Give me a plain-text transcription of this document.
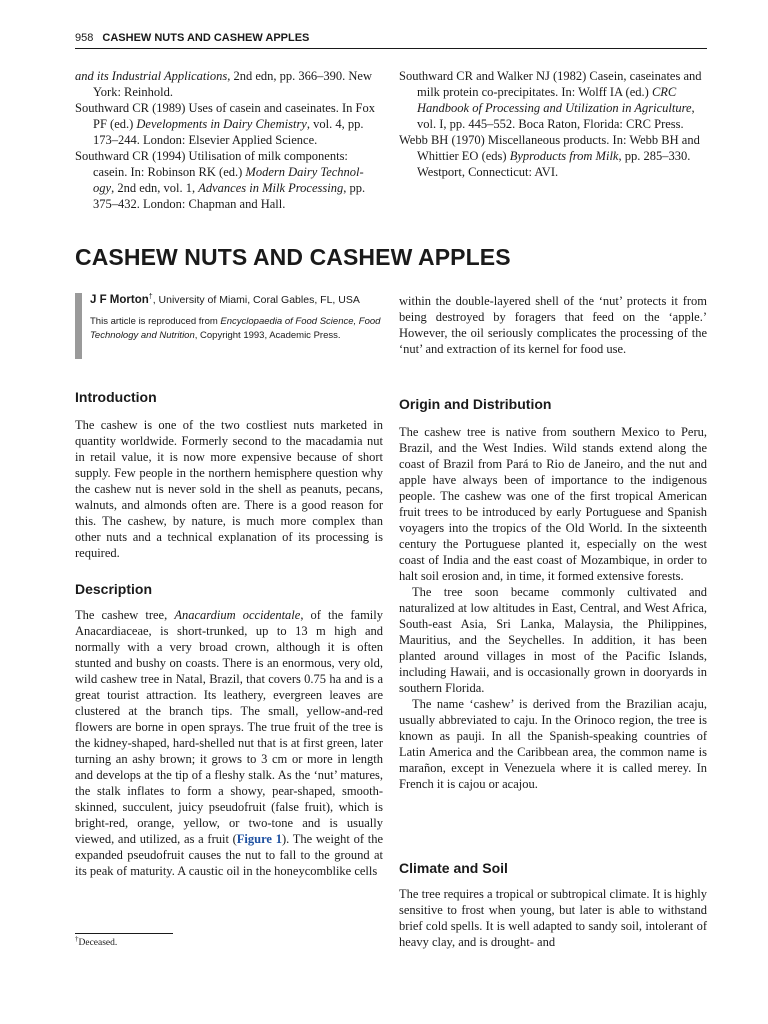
958 CASHEW NUTS AND CASHEW APPLES

and its Industrial Applications, 2nd edn, pp. 366–390. New York: Reinhold.

Southward CR (1989) Uses of casein and caseinates. In Fox PF (ed.) Developments in Dairy Chemistry, vol. 4, pp. 173–244. London: Elsevier Applied Science.

Southward CR (1994) Utilisation of milk components: casein. In: Robinson RK (ed.) Modern Dairy Technol-ogy, 2nd edn, vol. 1, Advances in Milk Processing, pp. 375–432. London: Chapman and Hall.

Southward CR and Walker NJ (1982) Casein, caseinates and milk protein co-precipitates. In: Wolff IA (ed.) CRC Handbook of Processing and Utilization in Agriculture, vol. I, pp. 445–552. Boca Raton, Florida: CRC Press.

Webb BH (1970) Miscellaneous products. In: Webb BH and Whittier EO (eds) Byproducts from Milk, pp. 285–330. Westport, Connecticut: AVI.

CASHEW NUTS AND CASHEW APPLES
J F Morton†, University of Miami, Coral Gables, FL, USA
This article is reproduced from Encyclopaedia of Food Science, Food Technology and Nutrition, Copyright 1993, Academic Press.
Introduction

The cashew is one of the two costliest nuts marketed in quantity worldwide. Formerly second to the macadamia nut in retail value, it is now more expensive because of short supply. Few people in the northern hemisphere question why the cashew nut is never sold in the shell as peanuts, pecans, walnuts, and almonds often are. There is a good reason for this. The cashew, by nature, is much more complex than other nuts and a technical explanation of its processing is required.

Description

The cashew tree, Anacardium occidentale, of the family Anacardiaceae, is short-trunked, up to 13 m high and normally with a very broad crown, although it is often stunted and bushy on coasts. There is an enormous, very old, wild cashew tree in Natal, Brazil, that covers 0.75 ha and is a great tourist attraction. Its leathery, evergreen leaves are clustered at the branch tips. The small, yellow-and-red flowers are borne in open sprays. The true fruit of the tree is the kidney-shaped, hard-shelled nut that is at first green, later turning an ashy brown; it grows to 3 cm or more in length and develops at the tip of a fleshy stalk. As the ‘nut’ matures, the stalk inflates to form a showy, pear-shaped, smooth-skinned, succulent, juicy pseudofruit (false fruit), which is bright-red, orange, yellow, or two-tone and is usually viewed, and utilized, as a fruit (Figure 1). The weight of the expanded pseudofruit causes the nut to fall to the ground at its peak of maturity. A caustic oil in the honeycomblike cells

within the double-layered shell of the ‘nut’ protects it from being destroyed by foragers that feed on the ‘apple.’ However, the oil seriously complicates the processing of the ‘nut’ and extraction of its kernel for food use.

Origin and Distribution

The cashew tree is native from southern Mexico to Peru, Brazil, and the West Indies. Wild stands extend along the coast of Brazil from Pará to Rio de Janeiro, and the nut and apple have always been of importance to the indigenous people. The cashew was one of the first tropical American fruit trees to be introduced by early Portuguese and Spanish voyagers into the tropics of the Old World. In the sixteenth century the Portuguese planted it, especially on the west coast of India and the east coast of Mozambique, in order to halt soil erosion and, in time, it formed extensive forests.

The tree soon became commonly cultivated and naturalized at low altitudes in East, Central, and West Africa, South-east Asia, Sri Lanka, Malaysia, the Philippines, Mauritius, and the Seychelles. In addition, it has been planted around villages in most of the Pacific Islands, including Hawaii, and is occasionally grown in dooryards in southern Florida.

The name ‘cashew’ is derived from the Brazilian acaju, usually abbreviated to caju. In the Orinoco region, the tree is known as pauji. In all the Spanish-speaking countries of Latin America and the Caribbean area, the common name is marañon, except in Venezuela where it is called merey. In French it is cajou or acajou.

Climate and Soil

The tree requires a tropical or subtropical climate. It is highly sensitive to frost when young, but later is able to withstand brief cold spells. It is well adapted to sandy soil, intolerant of heavy clay, and is drought- and

†Deceased.
